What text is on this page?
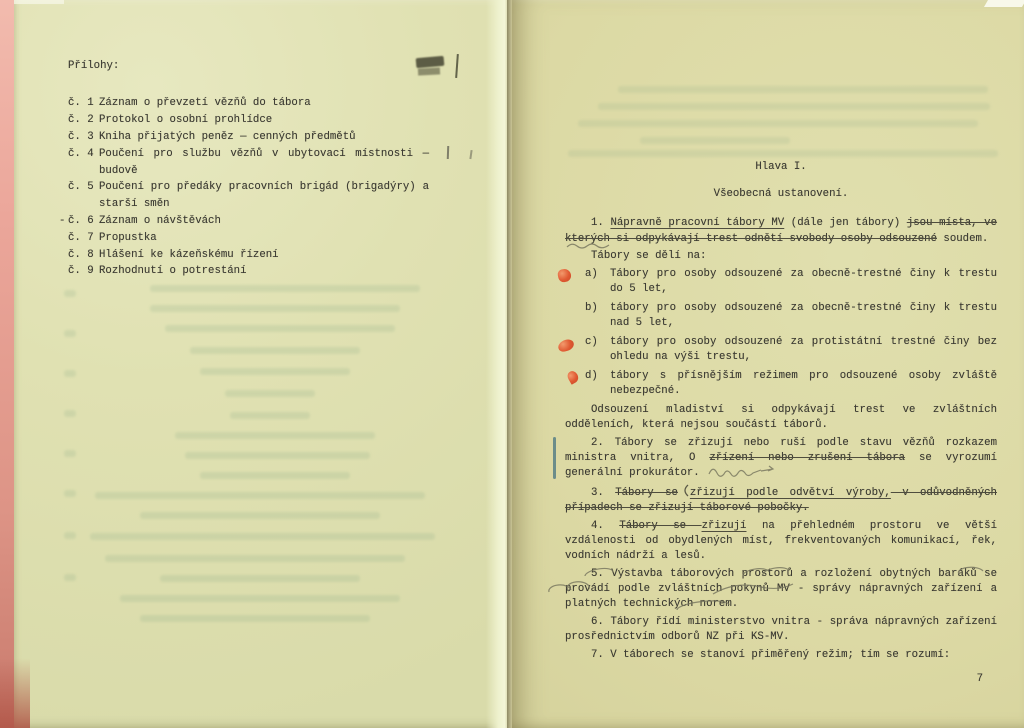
Přílohy:
č. 1 Záznam o převzetí vězňů do tábora
č. 2 Protokol o osobní prohlídce
č. 3 Kniha přijatých peněz — cenných předmětů
č. 4 Poučení pro službu vězňů v ubytovací místnosti — budově
č. 5 Poučení pro předáky pracovních brigád (brigadýry) a starší směn
- č. 6 Záznam o návštěvách
č. 7 Propustka
č. 8 Hlášení ke kázeňskému řízení
č. 9 Rozhodnutí o potrestání
Hlava I.
Všeobecná ustanovení.

1. Nápravně pracovní tábory MV (dále jen tábory) jsou místa, ve kterých si odpykávají trest odnětí svobody osoby odsouzené soudem.

Tábory se dělí na:

a) Tábory pro osoby odsouzené za obecně-trestné činy k trestu do 5 let,
b) tábory pro osoby odsouzené za obecně-trestné činy k trestu nad 5 let,
c) tábory pro osoby odsouzené za protistátní trestné činy bez ohledu na výši trestu,
d) tábory s přísnějším režimem pro odsouzené osoby zvláště nebezpečné.

Odsouzení mladiství si odpykávají trest ve zvláštních odděleních, která nejsou součástí táborů.

2. Tábory se zřizují nebo ruší podle stavu vězňů rozkazem ministra vnitra, O zřízení nebo zrušení tábora se vyrozumí generální prokurátor.

3. Tábory se zřizují podle odvětví výroby, v odůvodněných případech se zřizují táborové pobočky.

4. Tábory se zřizují na přehledném prostoru ve větší vzdálenosti od obydlených míst, frekventovaných komunikací, řek, vodních nádrží a lesů.

5. Výstavba táborových prostorů a rozložení obytných baráků se provádí podle zvláštních pokynů MV - správy nápravných zařízení a platných technických norem.

6. Tábory řídí ministerstvo vnitra - správa nápravných zařízení prosřednictvím odborů NZ při KS-MV.

7. V táborech se stanoví přiměřený režim; tím se rozumí:

7
